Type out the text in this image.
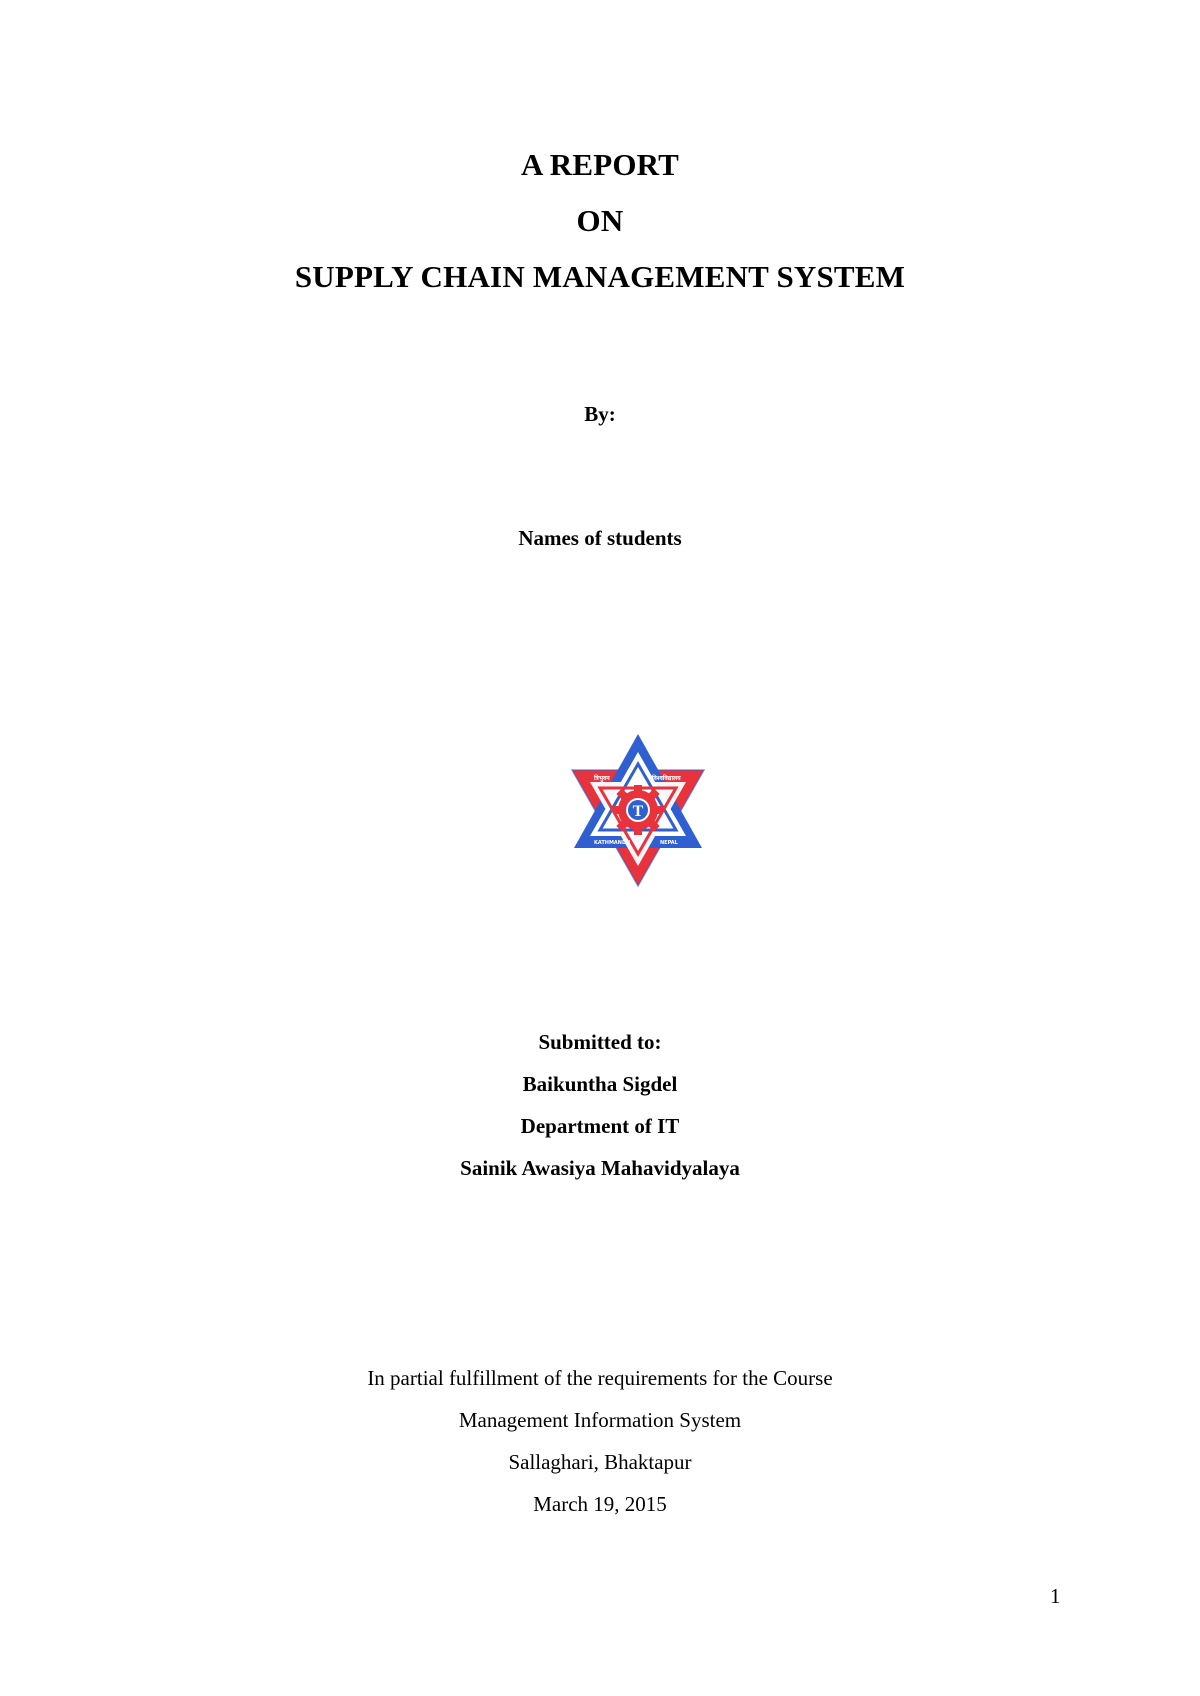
A REPORT
ON
SUPPLY CHAIN MANAGEMENT SYSTEM
By:
Names of students
T
त्रिभुवन	विश्वविद्यालय
KATHMANDU	NEPAL
Submitted to:
Baikuntha Sigdel
Department of IT
Sainik Awasiya Mahavidyalaya
In partial fulfillment of the requirements for the Course
Management Information System
Sallaghari, Bhaktapur
March 19, 2015
1
